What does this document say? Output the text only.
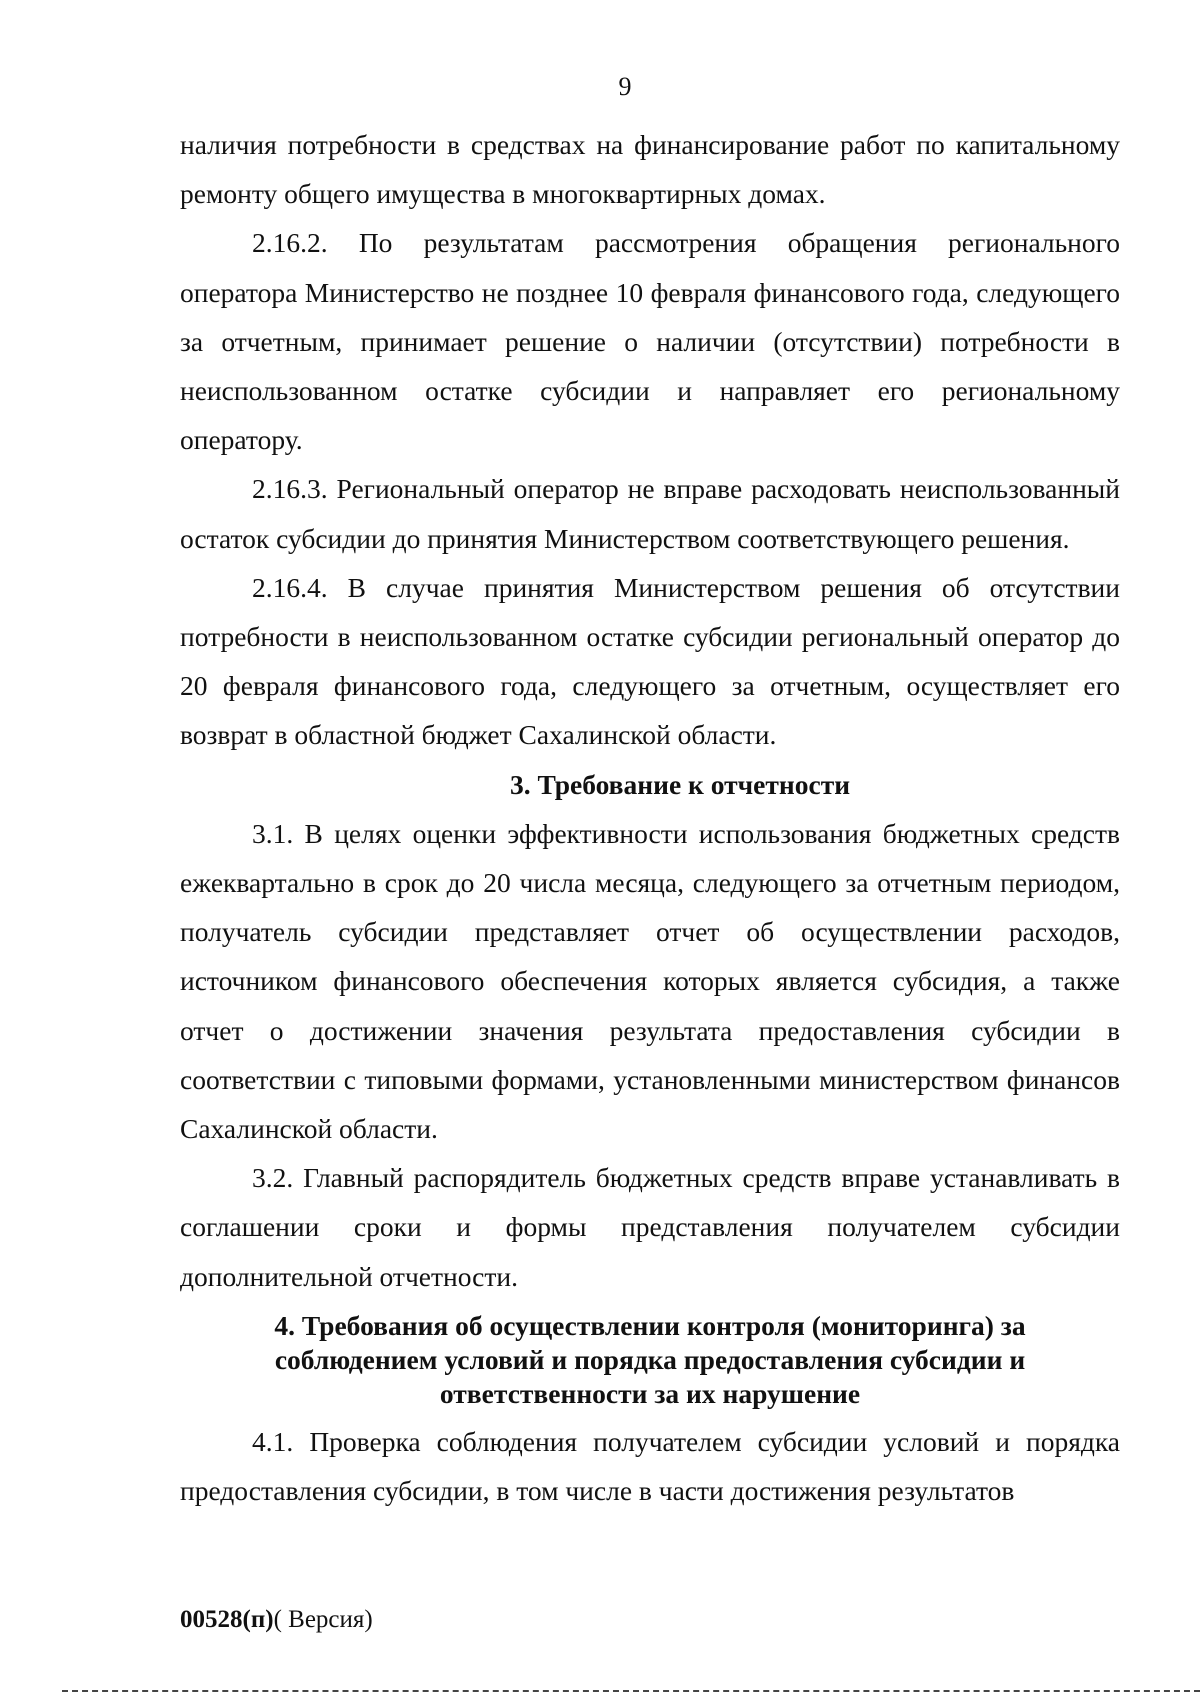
9

наличия потребности в средствах на финансирование работ по капитальному ремонту общего имущества в многоквартирных домах.

2.16.2. По результатам рассмотрения обращения регионального оператора Министерство не позднее 10 февраля финансового года, следующего за отчетным, принимает решение о наличии (отсутствии) потребности в неиспользованном остатке субсидии и направляет его региональному оператору.

2.16.3. Региональный оператор не вправе расходовать неиспользованный остаток субсидии до принятия Министерством соответствующего решения.

2.16.4. В случае принятия Министерством решения об отсутствии потребности в неиспользованном остатке субсидии региональный оператор до 20 февраля финансового года, следующего за отчетным, осуществляет его возврат в областной бюджет Сахалинской области.

3. Требование к отчетности

3.1. В целях оценки эффективности использования бюджетных средств ежеквартально в срок до 20 числа месяца, следующего за отчетным периодом, получатель субсидии представляет отчет об осуществлении расходов, источником финансового обеспечения которых является субсидия, а также отчет о достижении значения результата предоставления субсидии в соответствии с типовыми формами, установленными министерством финансов Сахалинской области.

3.2. Главный распорядитель бюджетных средств вправе устанавливать в соглашении сроки и формы представления получателем субсидии дополнительной отчетности.

4. Требования об осуществлении контроля (мониторинга) за
соблюдением условий и порядка предоставления субсидии и
ответственности за их нарушение

4.1. Проверка соблюдения получателем субсидии условий и порядка предоставления субсидии, в том числе в части достижения результатов

00528(п)( Версия)
